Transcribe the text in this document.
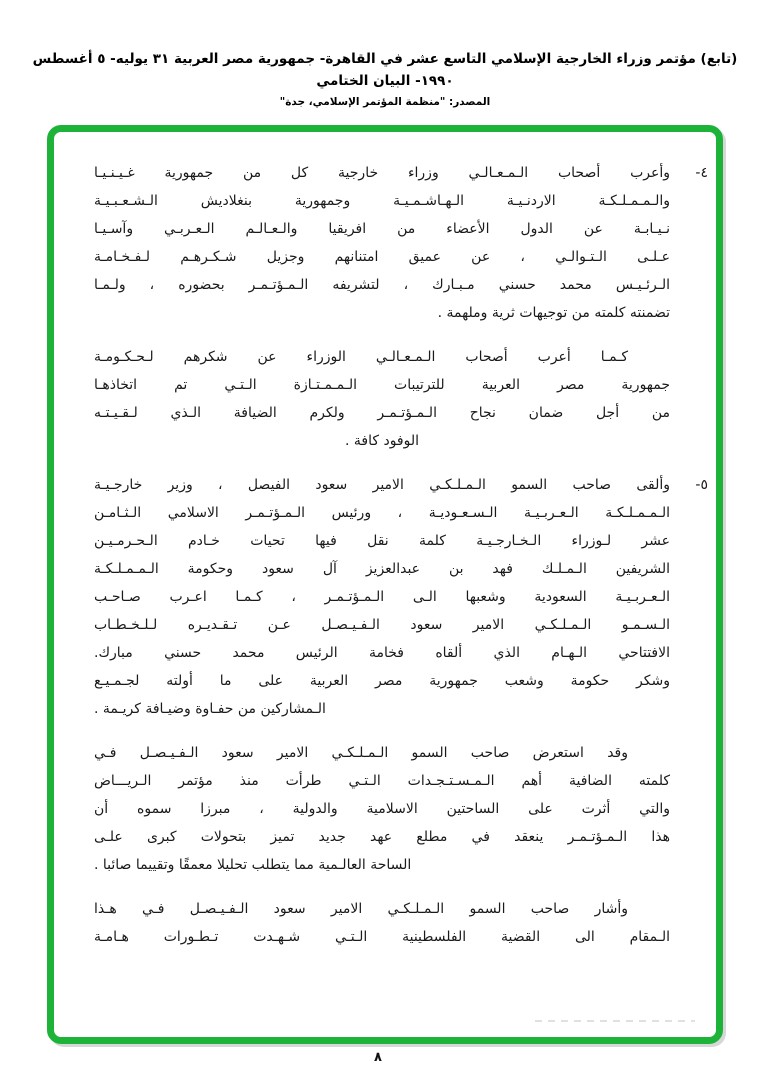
(تابع) مؤتمر وزراء الخارجية الإسلامي التاسع عشر في القاهرة- جمهورية مصر العربية ٣١ يوليه- ٥ أغسطس ١٩٩٠- البيان الختامي
المصدر: "منظمة المؤتمر الإسلامي، جدة"
٤-
وأعرب أصحاب الـمـعـالـي وزراء خارجية كل من جمهورية غـيـنـيـا
والـمـمـلـكـة الاردنـيـة الـهـاشـمـيـة وجمهورية بنغلاديش الـشـعـبـيـة
نـيـابـة عن الدول الأعضاء من افريقيا والـعـالـم الـعـربـي وآسـيـا
عـلـى الـتـوالـي ، عن عميق امتنانهم وجزيل شـكـرهـم لـفـخـامـة
الـرئـيـس محمد حسني مـبـارك ، لتشريفه الـمـؤتـمـر بحضوره ، ولـمـا
تضمنته كلمته من توجيهات ثرية وملهمة .
كـمـا أعرب أصحاب الـمـعـالـي الوزراء عن شكرهم لـحـكـومـة
جمهورية مصر العربية للترتيبات الـمـمـتـازة الـتـي تم اتخاذهـا
من أجل ضمان نجاح الـمـؤتـمـر ولكرم الضيافة الـذي لـقـيـتـه
الوفود كافة .
٥-
وألقى صاحب السمو الـمـلـكـي الامير سعود الفيصل ، وزير خارجـيـة
الـمـمـلـكـة الـعـربـيـة الـسـعـوديـة ، ورئيس الـمـؤتـمـر الاسلامي الـثـامـن
عشر لـوزراء الـخـارجـيـة كلمة نقل فيها تحيات خـادم الـحـرمـيـن
الشريفين الـمـلـك فهد بن عبدالعزيز آل سعود وحكومة الـمـمـلـكـة
الـعـربـيـة السعودية وشعبها الـى الـمـؤتـمـر ، كـمـا اعـرب صـاحـب
الـسـمـو الـمـلـكـي الامير سعود الـفـيـصـل عـن تـقـديـره لـلـخـطـاب
الافتتاحي الـهـام الذي ألقاه فخامة الرئيس محمد حسني مبارك.
وشكر حكومة وشعب جمهورية مصر العربية على ما أولته لجـمـيـع
الـمشاركين من حفـاوة وضيـافة كريـمة .
وقد استعرض صاحب السمو الـمـلـكـي الامير سعود الـفـيـصـل فـي
كلمته الضافية أهم الـمـسـتـجـدات الـتـي طرأت منذ مؤتمر الـريـــاض
والتي أثرت على الساحتين الاسلامية والدولية ، مبرزا سموه أن
هذا الـمـؤتـمـر ينعقد في مطلع عهد جديد تميز بتحولات كبرى علـى
الساحة العالـمية مما يتطلب تحليلا معمقًا وتقييما صائبا .
وأشار صاحب السمو الـمـلـكـي الامير سعود الـفـيـصـل فـي هـذا
الـمقام الى القضية الفلسطينية الـتـي شـهـدت تـطـورات هـامـة
٨
